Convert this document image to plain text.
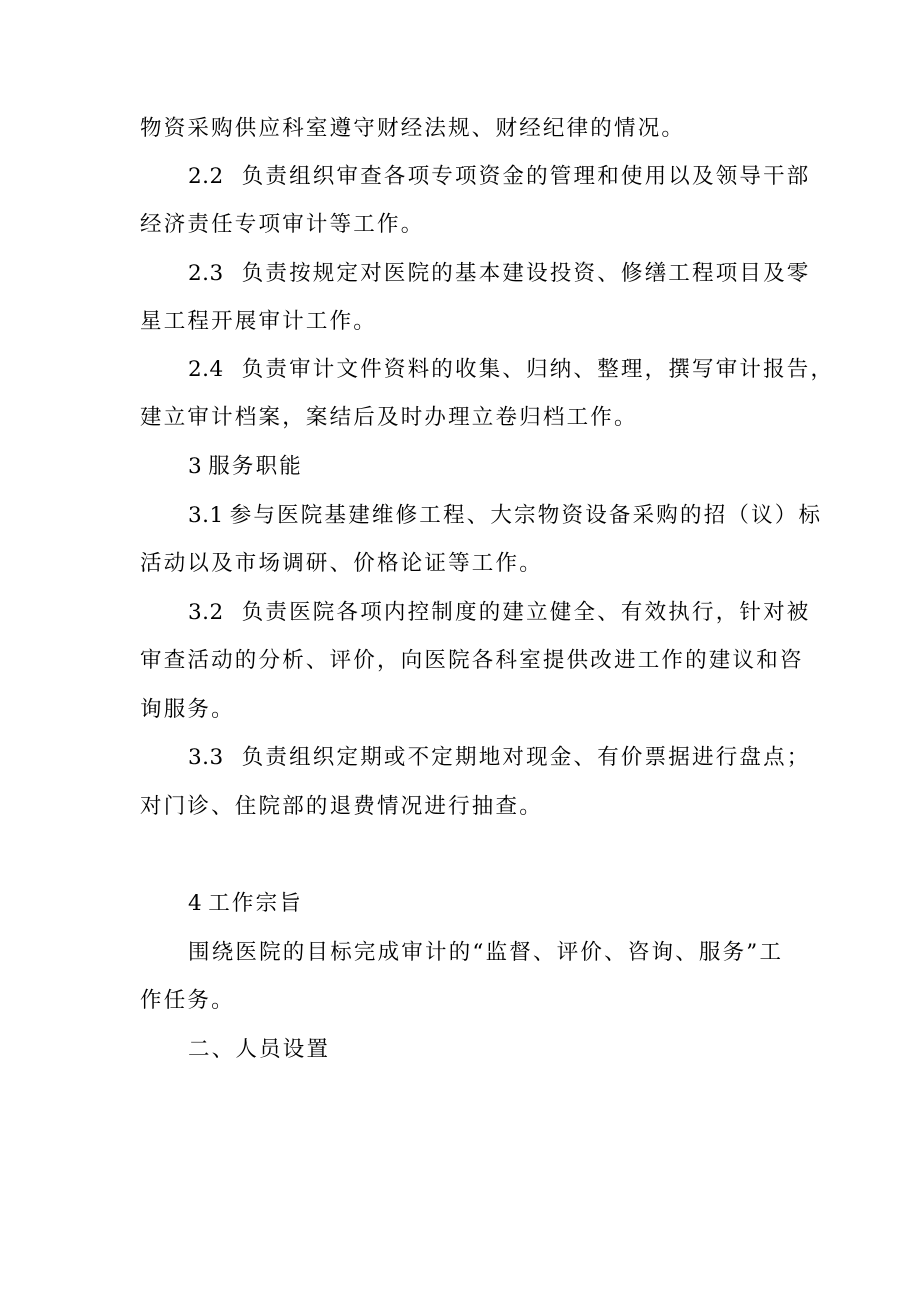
物资采购供应科室遵守财经法规、财经纪律的情况。
2.2 负责组织审查各项专项资金的管理和使用以及领导干部
经济责任专项审计等工作。
2.3 负责按规定对医院的基本建设投资、修缮工程项目及零
星工程开展审计工作。
2.4 负责审计文件资料的收集、归纳、整理，撰写审计报告，
建立审计档案，案结后及时办理立卷归档工作。
3 服务职能
3.1 参与医院基建维修工程、大宗物资设备采购的招（议）标
活动以及市场调研、价格论证等工作。
3.2 负责医院各项内控制度的建立健全、有效执行，针对被
审查活动的分析、评价，向医院各科室提供改进工作的建议和咨
询服务。
3.3 负责组织定期或不定期地对现金、有价票据进行盘点；
对门诊、住院部的退费情况进行抽查。
4 工作宗旨
围绕医院的目标完成审计的“监督、评价、咨询、服务”工
作任务。
二、人员设置
